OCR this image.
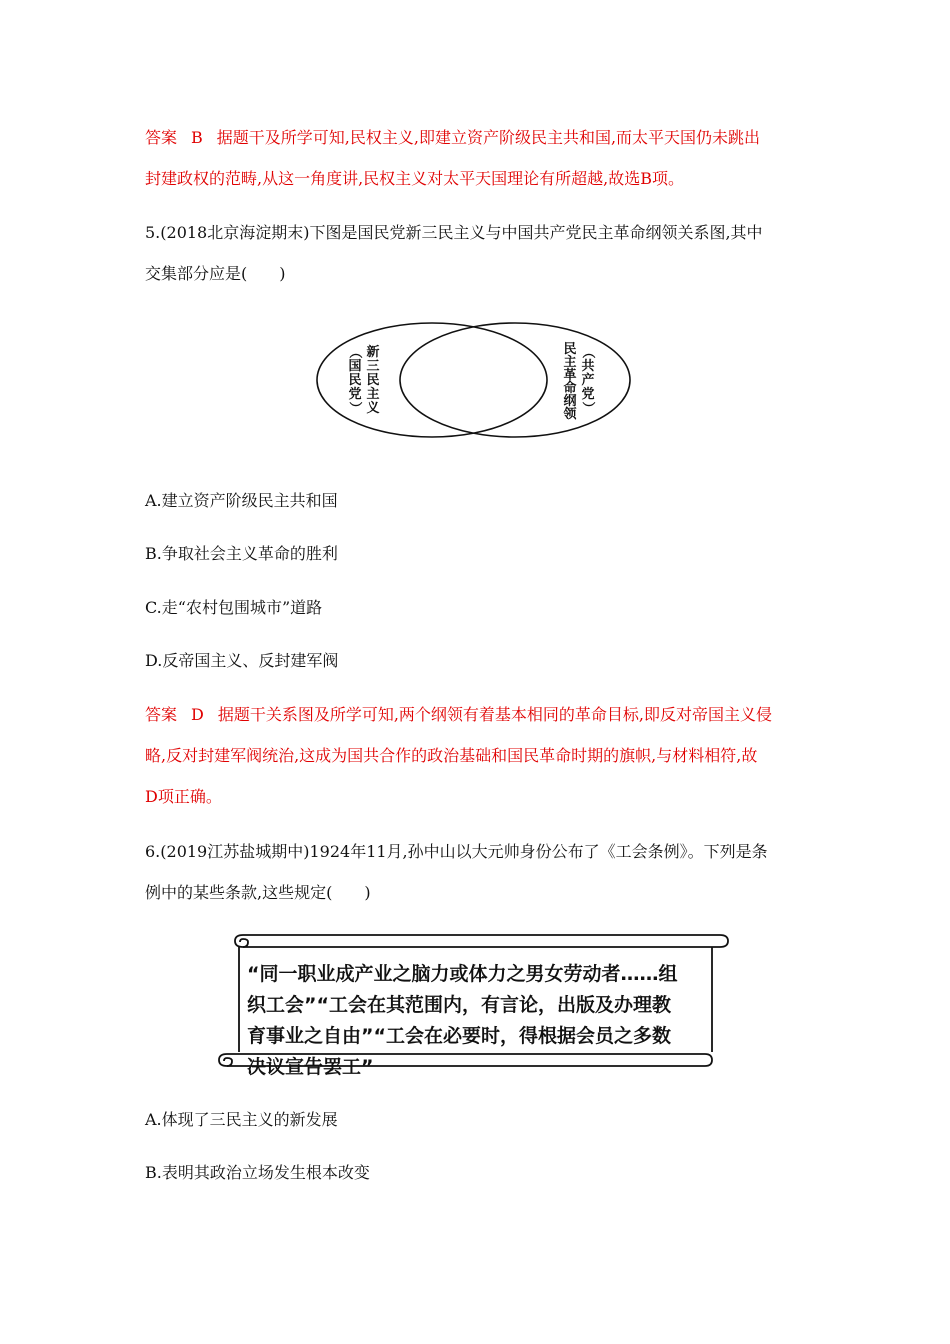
答案 B 据题干及所学可知,民权主义,即建立资产阶级民主共和国,而太平天国仍未跳出
封建政权的范畴,从这一角度讲,民权主义对太平天国理论有所超越,故选B项。
5.(2018北京海淀期末)下图是国民党新三民主义与中国共产党民主革命纲领关系图,其中
交集部分应是(　　)
新
三
民
主
义
（
国
民
党
）
民
主
革
命
纲
领
（
共
产
党
）
A.建立资产阶级民主共和国
B.争取社会主义革命的胜利
C.走“农村包围城市”道路
D.反帝国主义、反封建军阀
答案 D 据题干关系图及所学可知,两个纲领有着基本相同的革命目标,即反对帝国主义侵
略,反对封建军阀统治,这成为国共合作的政治基础和国民革命时期的旗帜,与材料相符,故
D项正确。
6.(2019江苏盐城期中)1924年11月,孙中山以大元帅身份公布了《工会条例》。下列是条
例中的某些条款,这些规定(　　)
“同一职业成产业之脑力或体力之男女劳动者……组
织工会”“工会在其范围内，有言论，出版及办理教
育事业之自由”“工会在必要时，得根据会员之多数
决议宣告罢工”
A.体现了三民主义的新发展
B.表明其政治立场发生根本改变
